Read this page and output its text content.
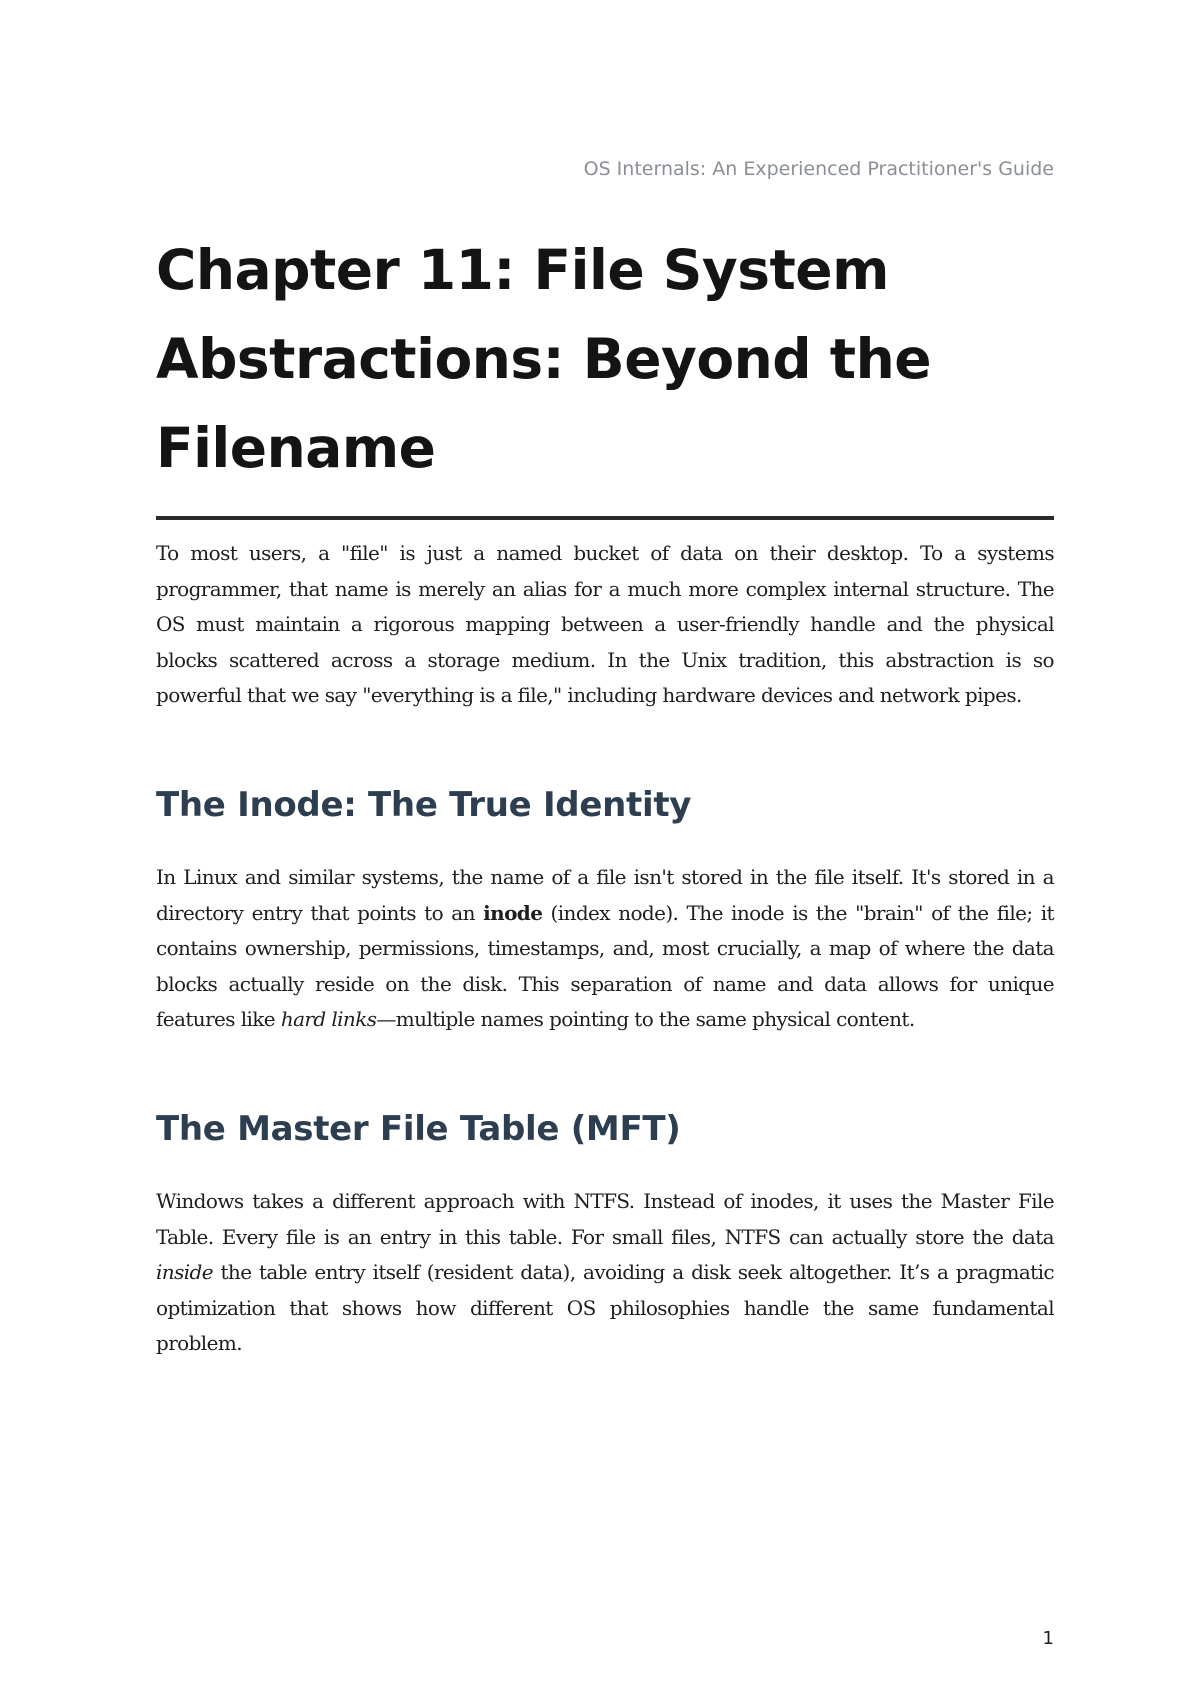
OS Internals: An Experienced Practitioner's Guide
Chapter 11: File System Abstractions: Beyond the Filename

To most users, a "file" is just a named bucket of data on their desktop. To a systems programmer, that name is merely an alias for a much more complex internal structure. The OS must maintain a rigorous mapping between a user-friendly handle and the physical blocks scattered across a storage medium. In the Unix tradition, this abstraction is so powerful that we say "everything is a file," including hardware devices and network pipes.

The Inode: The True Identity

In Linux and similar systems, the name of a file isn't stored in the file itself. It's stored in a directory entry that points to an inode (index node). The inode is the "brain" of the file; it contains ownership, permissions, timestamps, and, most crucially, a map of where the data blocks actually reside on the disk. This separation of name and data allows for unique features like hard links—multiple names pointing to the same physical content.

The Master File Table (MFT)

Windows takes a different approach with NTFS. Instead of inodes, it uses the Master File Table. Every file is an entry in this table. For small files, NTFS can actually store the data inside the table entry itself (resident data), avoiding a disk seek altogether. It’s a pragmatic optimization that shows how different OS philosophies handle the same fundamental problem.

1
